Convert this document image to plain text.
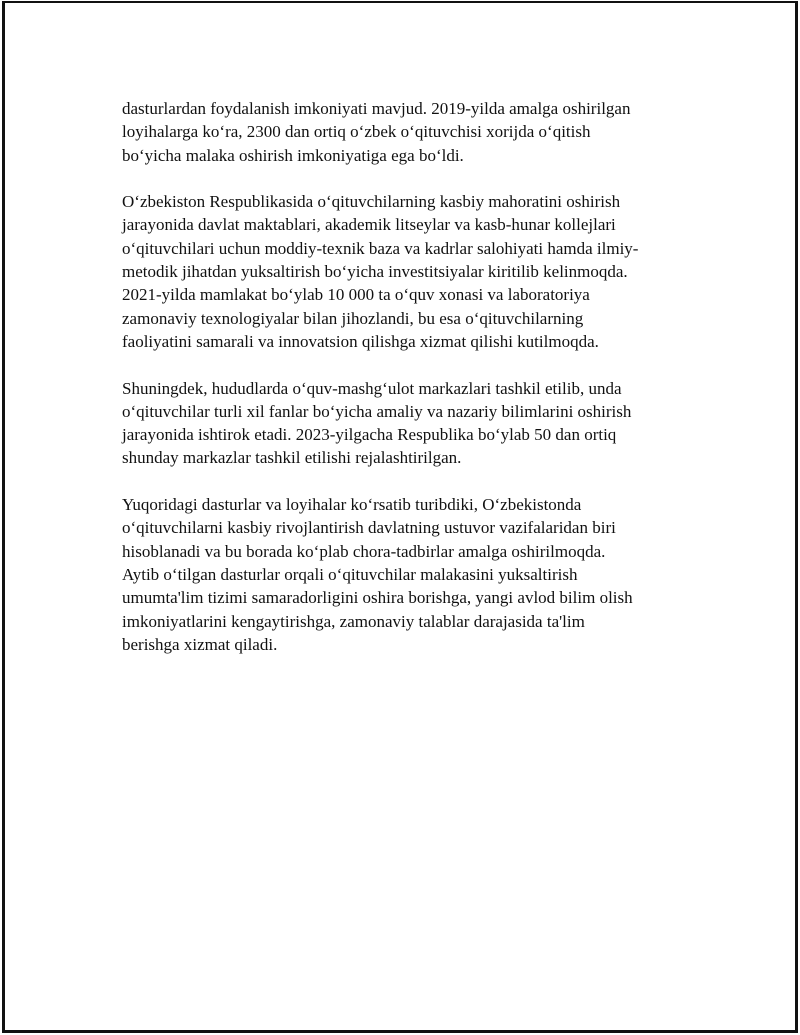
dasturlardan foydalanish imkoniyati mavjud. 2019-yilda amalga oshirilgan
loyihalarga ko‘ra, 2300 dan ortiq o‘zbek o‘qituvchisi xorijda o‘qitish
bo‘yicha malaka oshirish imkoniyatiga ega bo‘ldi.

O‘zbekiston Respublikasida o‘qituvchilarning kasbiy mahoratini oshirish
jarayonida davlat maktablari, akademik litseylar va kasb-hunar kollejlari
o‘qituvchilari uchun moddiy-texnik baza va kadrlar salohiyati hamda ilmiy-
metodik jihatdan yuksaltirish bo‘yicha investitsiyalar kiritilib kelinmoqda.
2021-yilda mamlakat bo‘ylab 10 000 ta o‘quv xonasi va laboratoriya
zamonaviy texnologiyalar bilan jihozlandi, bu esa o‘qituvchilarning
faoliyatini samarali va innovatsion qilishga xizmat qilishi kutilmoqda.

Shuningdek, hududlarda o‘quv-mashg‘ulot markazlari tashkil etilib, unda
o‘qituvchilar turli xil fanlar bo‘yicha amaliy va nazariy bilimlarini oshirish
jarayonida ishtirok etadi. 2023-yilgacha Respublika bo‘ylab 50 dan ortiq
shunday markazlar tashkil etilishi rejalashtirilgan.

Yuqoridagi dasturlar va loyihalar ko‘rsatib turibdiki, O‘zbekistonda
o‘qituvchilarni kasbiy rivojlantirish davlatning ustuvor vazifalaridan biri
hisoblanadi va bu borada ko‘plab chora-tadbirlar amalga oshirilmoqda.
Aytib o‘tilgan dasturlar orqali o‘qituvchilar malakasini yuksaltirish
umumta'lim tizimi samaradorligini oshira borishga, yangi avlod bilim olish
imkoniyatlarini kengaytirishga, zamonaviy talablar darajasida ta'lim
berishga xizmat qiladi.
